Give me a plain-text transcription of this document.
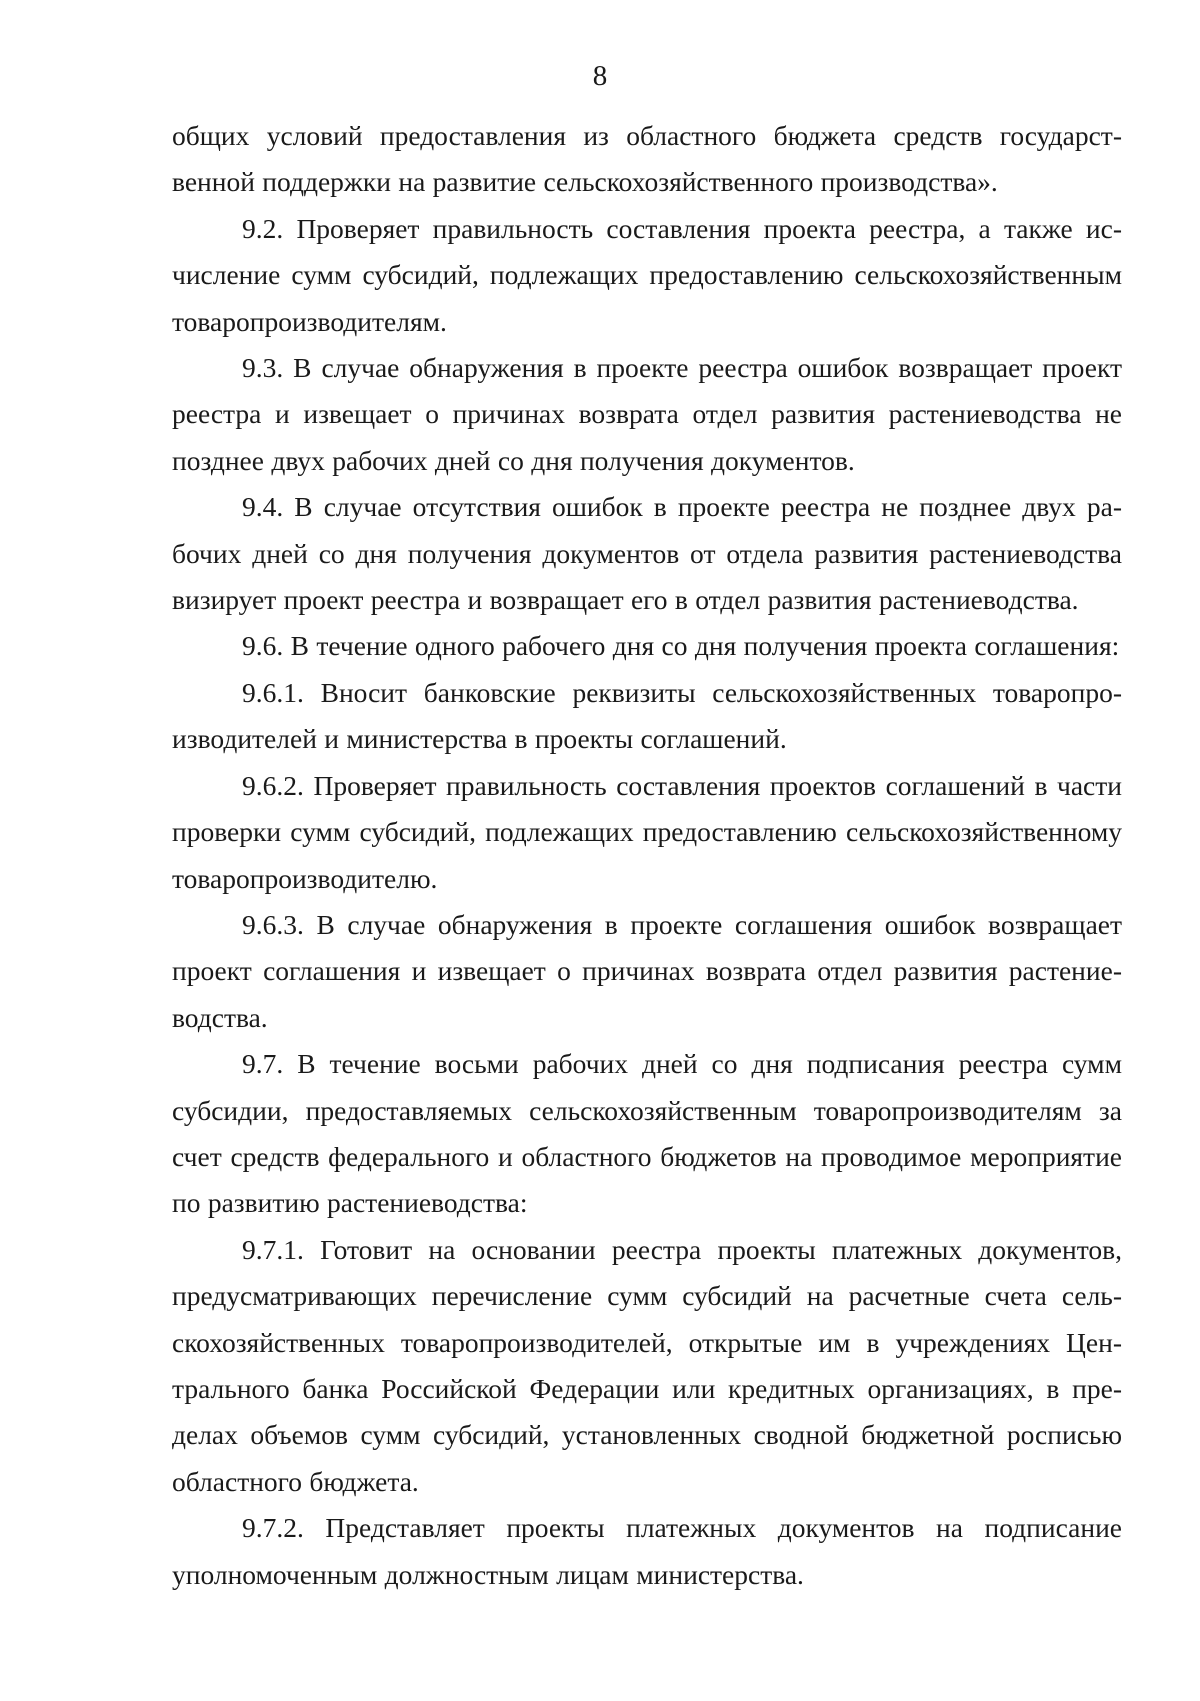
8

общих условий предоставления из областного бюджета средств государственной поддержки на развитие сельскохозяйственного производства».

9.2. Проверяет правильность составления проекта реестра, а также исчисление сумм субсидий, подлежащих предоставлению сельскохозяйственным товаропроизводителям.

9.3. В случае обнаружения в проекте реестра ошибок возвращает проект реестра и извещает о причинах возврата отдел развития растениеводства не позднее двух рабочих дней со дня получения документов.

9.4. В случае отсутствия ошибок в проекте реестра не позднее двух рабочих дней со дня получения документов от отдела развития растениеводства визирует проект реестра и возвращает его в отдел развития растениеводства.

9.6. В течение одного рабочего дня со дня получения проекта соглашения:

9.6.1. Вносит банковские реквизиты сельскохозяйственных товаропроизводителей и министерства в проекты соглашений.

9.6.2. Проверяет правильность составления проектов соглашений в части проверки сумм субсидий, подлежащих предоставлению сельскохозяйственному товаропроизводителю.

9.6.3. В случае обнаружения в проекте соглашения ошибок возвращает проект соглашения и извещает о причинах возврата отдел развития растениеводства.

9.7. В течение восьми рабочих дней со дня подписания реестра сумм субсидии, предоставляемых сельскохозяйственным товаропроизводителям за счет средств федерального и областного бюджетов на проводимое мероприятие по развитию растениеводства:

9.7.1. Готовит на основании реестра проекты платежных документов, предусматривающих перечисление сумм субсидий на расчетные счета сельскохозяйственных товаропроизводителей, открытые им в учреждениях Центрального банка Российской Федерации или кредитных организациях, в пределах объемов сумм субсидий, установленных сводной бюджетной росписью областного бюджета.

9.7.2. Представляет проекты платежных документов на подписание уполномоченным должностным лицам министерства.
